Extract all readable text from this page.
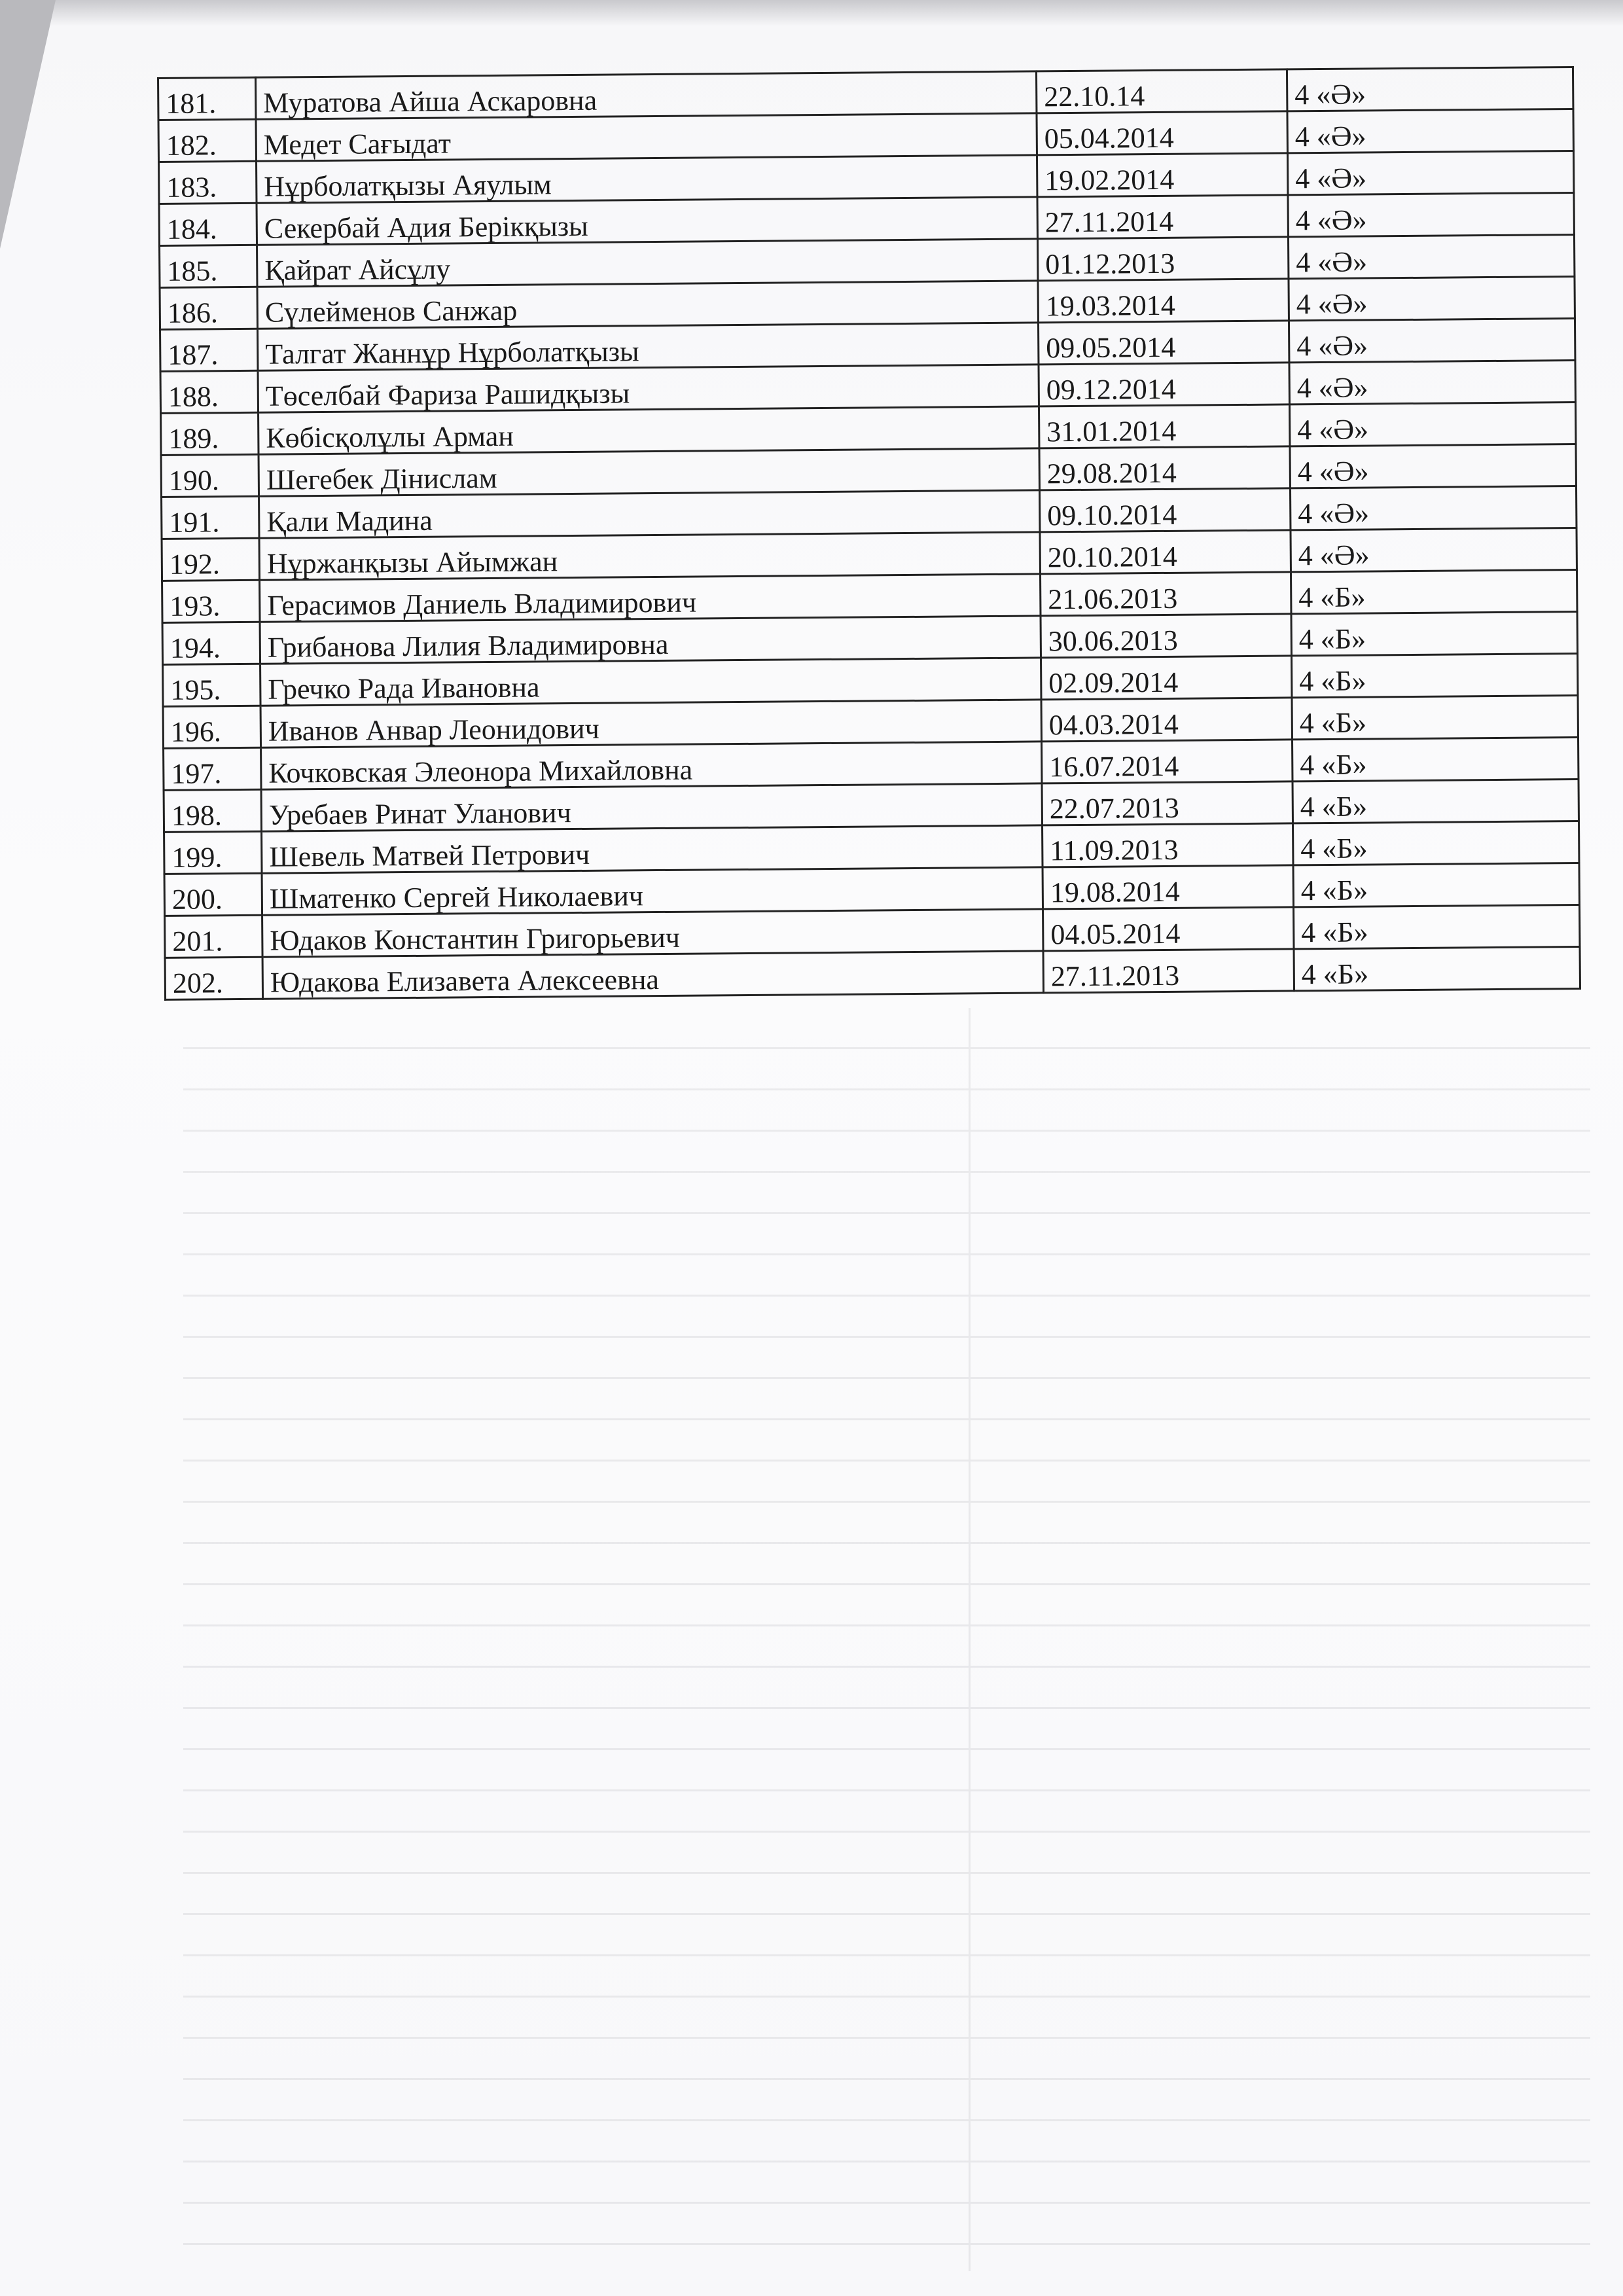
181.	Муратова Айша Аскаровна	22.10.14	4 «Ә»
182.	Медет Сағыдат	05.04.2014	4 «Ә»
183.	Нұрболатқызы Аяулым	19.02.2014	4 «Ә»
184.	Секербай Адия Берікқызы	27.11.2014	4 «Ә»
185.	Қайрат Айсұлу	01.12.2013	4 «Ә»
186.	Сүлейменов Санжар	19.03.2014	4 «Ә»
187.	Талгат Жаннұр Нұрболатқызы	09.05.2014	4 «Ә»
188.	Төселбай Фариза Рашидқызы	09.12.2014	4 «Ә»
189.	Көбісқолұлы Арман	31.01.2014	4 «Ә»
190.	Шегебек Дінислам	29.08.2014	4 «Ә»
191.	Қали Мадина	09.10.2014	4 «Ә»
192.	Нұржанқызы Айымжан	20.10.2014	4 «Ә»
193.	Герасимов Даниель Владимирович	21.06.2013	4 «Б»
194.	Грибанова Лилия Владимировна	30.06.2013	4 «Б»
195.	Гречко Рада Ивановна	02.09.2014	4 «Б»
196.	Иванов Анвар Леонидович	04.03.2014	4 «Б»
197.	Кочковская Элеонора Михайловна	16.07.2014	4 «Б»
198.	Уребаев Ринат Уланович	22.07.2013	4 «Б»
199.	Шевель Матвей Петрович	11.09.2013	4 «Б»
200.	Шматенко Сергей Николаевич	19.08.2014	4 «Б»
201.	Юдаков Константин Григорьевич	04.05.2014	4 «Б»
202.	Юдакова Елизавета Алексеевна	27.11.2013	4 «Б»
